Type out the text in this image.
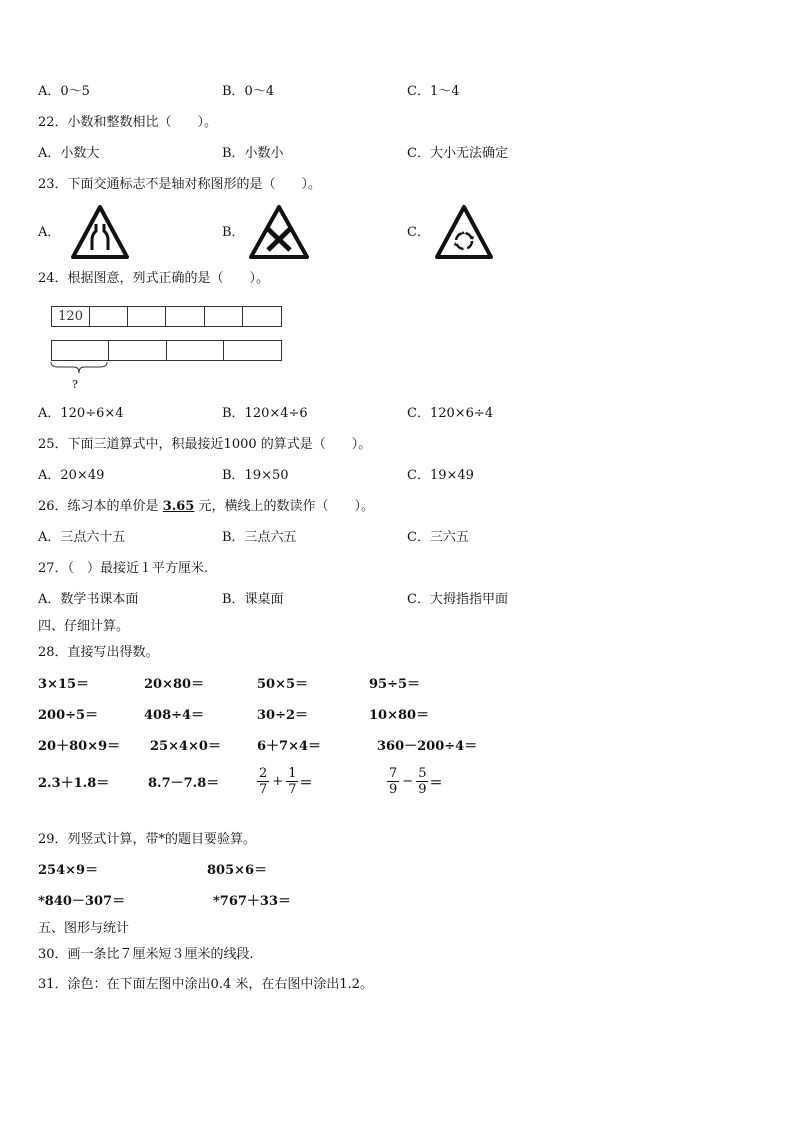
A．0～5	B．0～4	C．1～4
22．小数和整数相比（　　）。
A．小数大	B．小数小	C．大小无法确定
23．下面交通标志不是轴对称图形的是（　　）。
A．	B．	C．
24．根据图意，列式正确的是（　　）。
120
?
A．120÷6×4	B．120×4÷6	C．120×6÷4
25．下面三道算式中，积最接近1000 的算式是（　　）。
A．20×49	B．19×50	C．19×49
26．练习本的单价是 3.65 元，横线上的数读作（　　）。
A．三点六十五	B．三点六五	C．三六五
27．（　）最接近１平方厘米.
A．数学书课本面	B．课桌面	C．大拇指指甲面
四、仔细计算。
28．直接写出得数。
3×15＝	20×80＝	50×5＝	95÷5＝
200÷5＝	408÷4＝	30÷2＝	10×80＝
20＋80×9＝ 25×4×0＝	6＋7×4＝	360－200÷4＝
2.3＋1.8＝	8.7－7.8＝	$\frac{2}{7} + \frac{1}{7}$ ＝	$\frac{7}{9} - \frac{5}{9}$ ＝
29．列竖式计算，带*的题目要验算。
254×9＝	805×6＝
*840－307＝	*767＋33＝
五、图形与统计
30．画一条比７厘米短３厘米的线段.
31．涂色：在下面左图中涂出0.4 米，在右图中涂出1.2。
